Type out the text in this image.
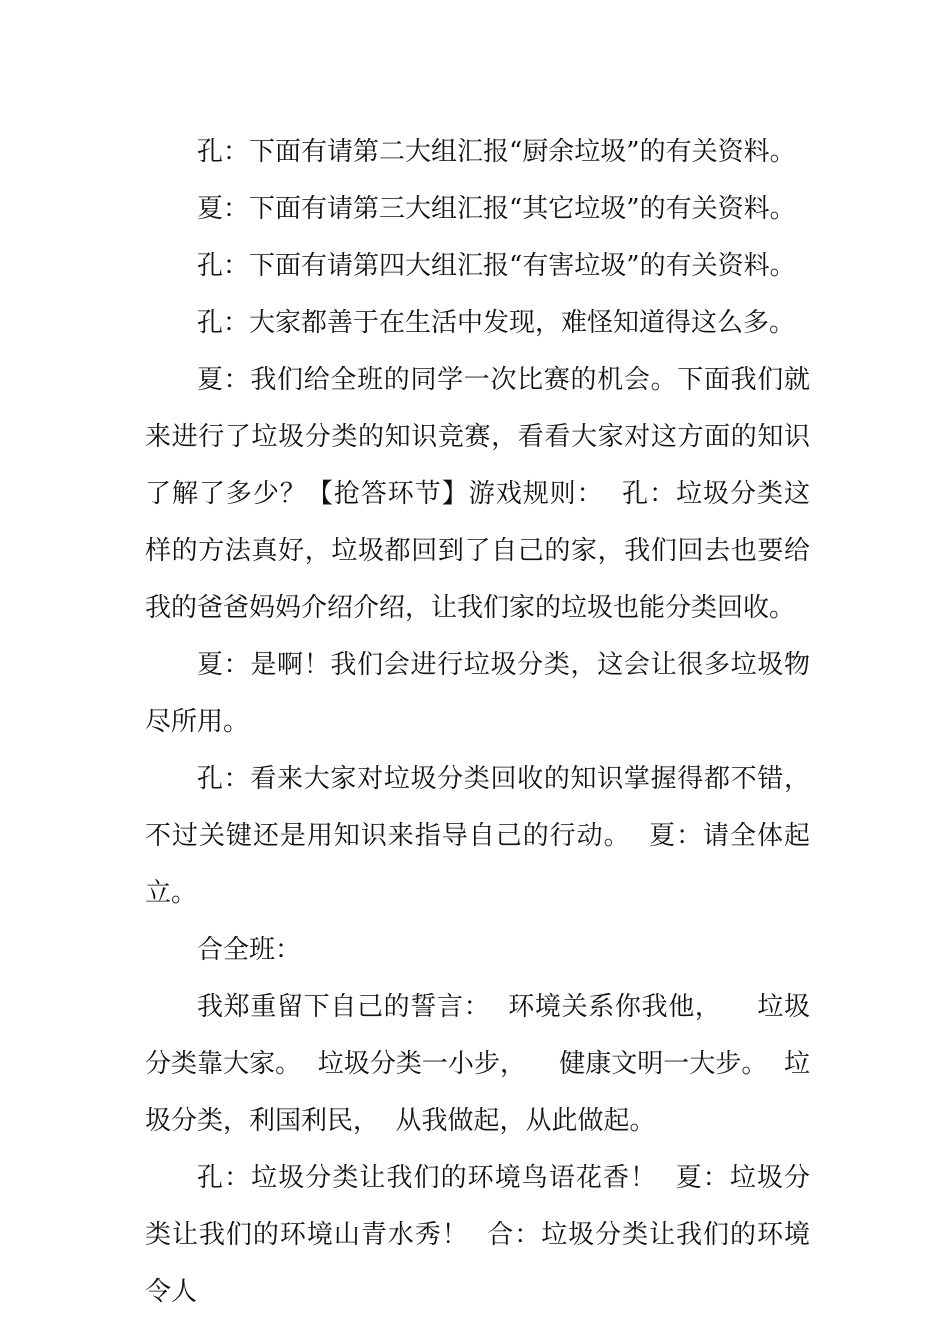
孔：下面有请第二大组汇报“厨余垃圾”的有关资料。

夏：下面有请第三大组汇报“其它垃圾”的有关资料。

孔：下面有请第四大组汇报“有害垃圾”的有关资料。

孔：大家都善于在生活中发现，难怪知道得这么多。

夏：我们给全班的同学一次比赛的机会。下面我们就来进行了垃圾分类的知识竞赛，看看大家对这方面的知识了解了多少？【抢答环节】游戏规则：  孔：垃圾分类这样的方法真好，垃圾都回到了自己的家，我们回去也要给我的爸爸妈妈介绍介绍，让我们家的垃圾也能分类回收。

夏：是啊！我们会进行垃圾分类，这会让很多垃圾物尽所用。

孔：看来大家对垃圾分类回收的知识掌握得都不错，不过关键还是用知识来指导自己的行动。  夏：请全体起立。

合全班：

我郑重留下自己的誓言：  环境关系你我他，    垃圾分类靠大家。  垃圾分类一小步，    健康文明一大步。  垃圾分类，利国利民，  从我做起，从此做起。

孔：垃圾分类让我们的环境鸟语花香！  夏：垃圾分类让我们的环境山青水秀！  合：垃圾分类让我们的环境令人
